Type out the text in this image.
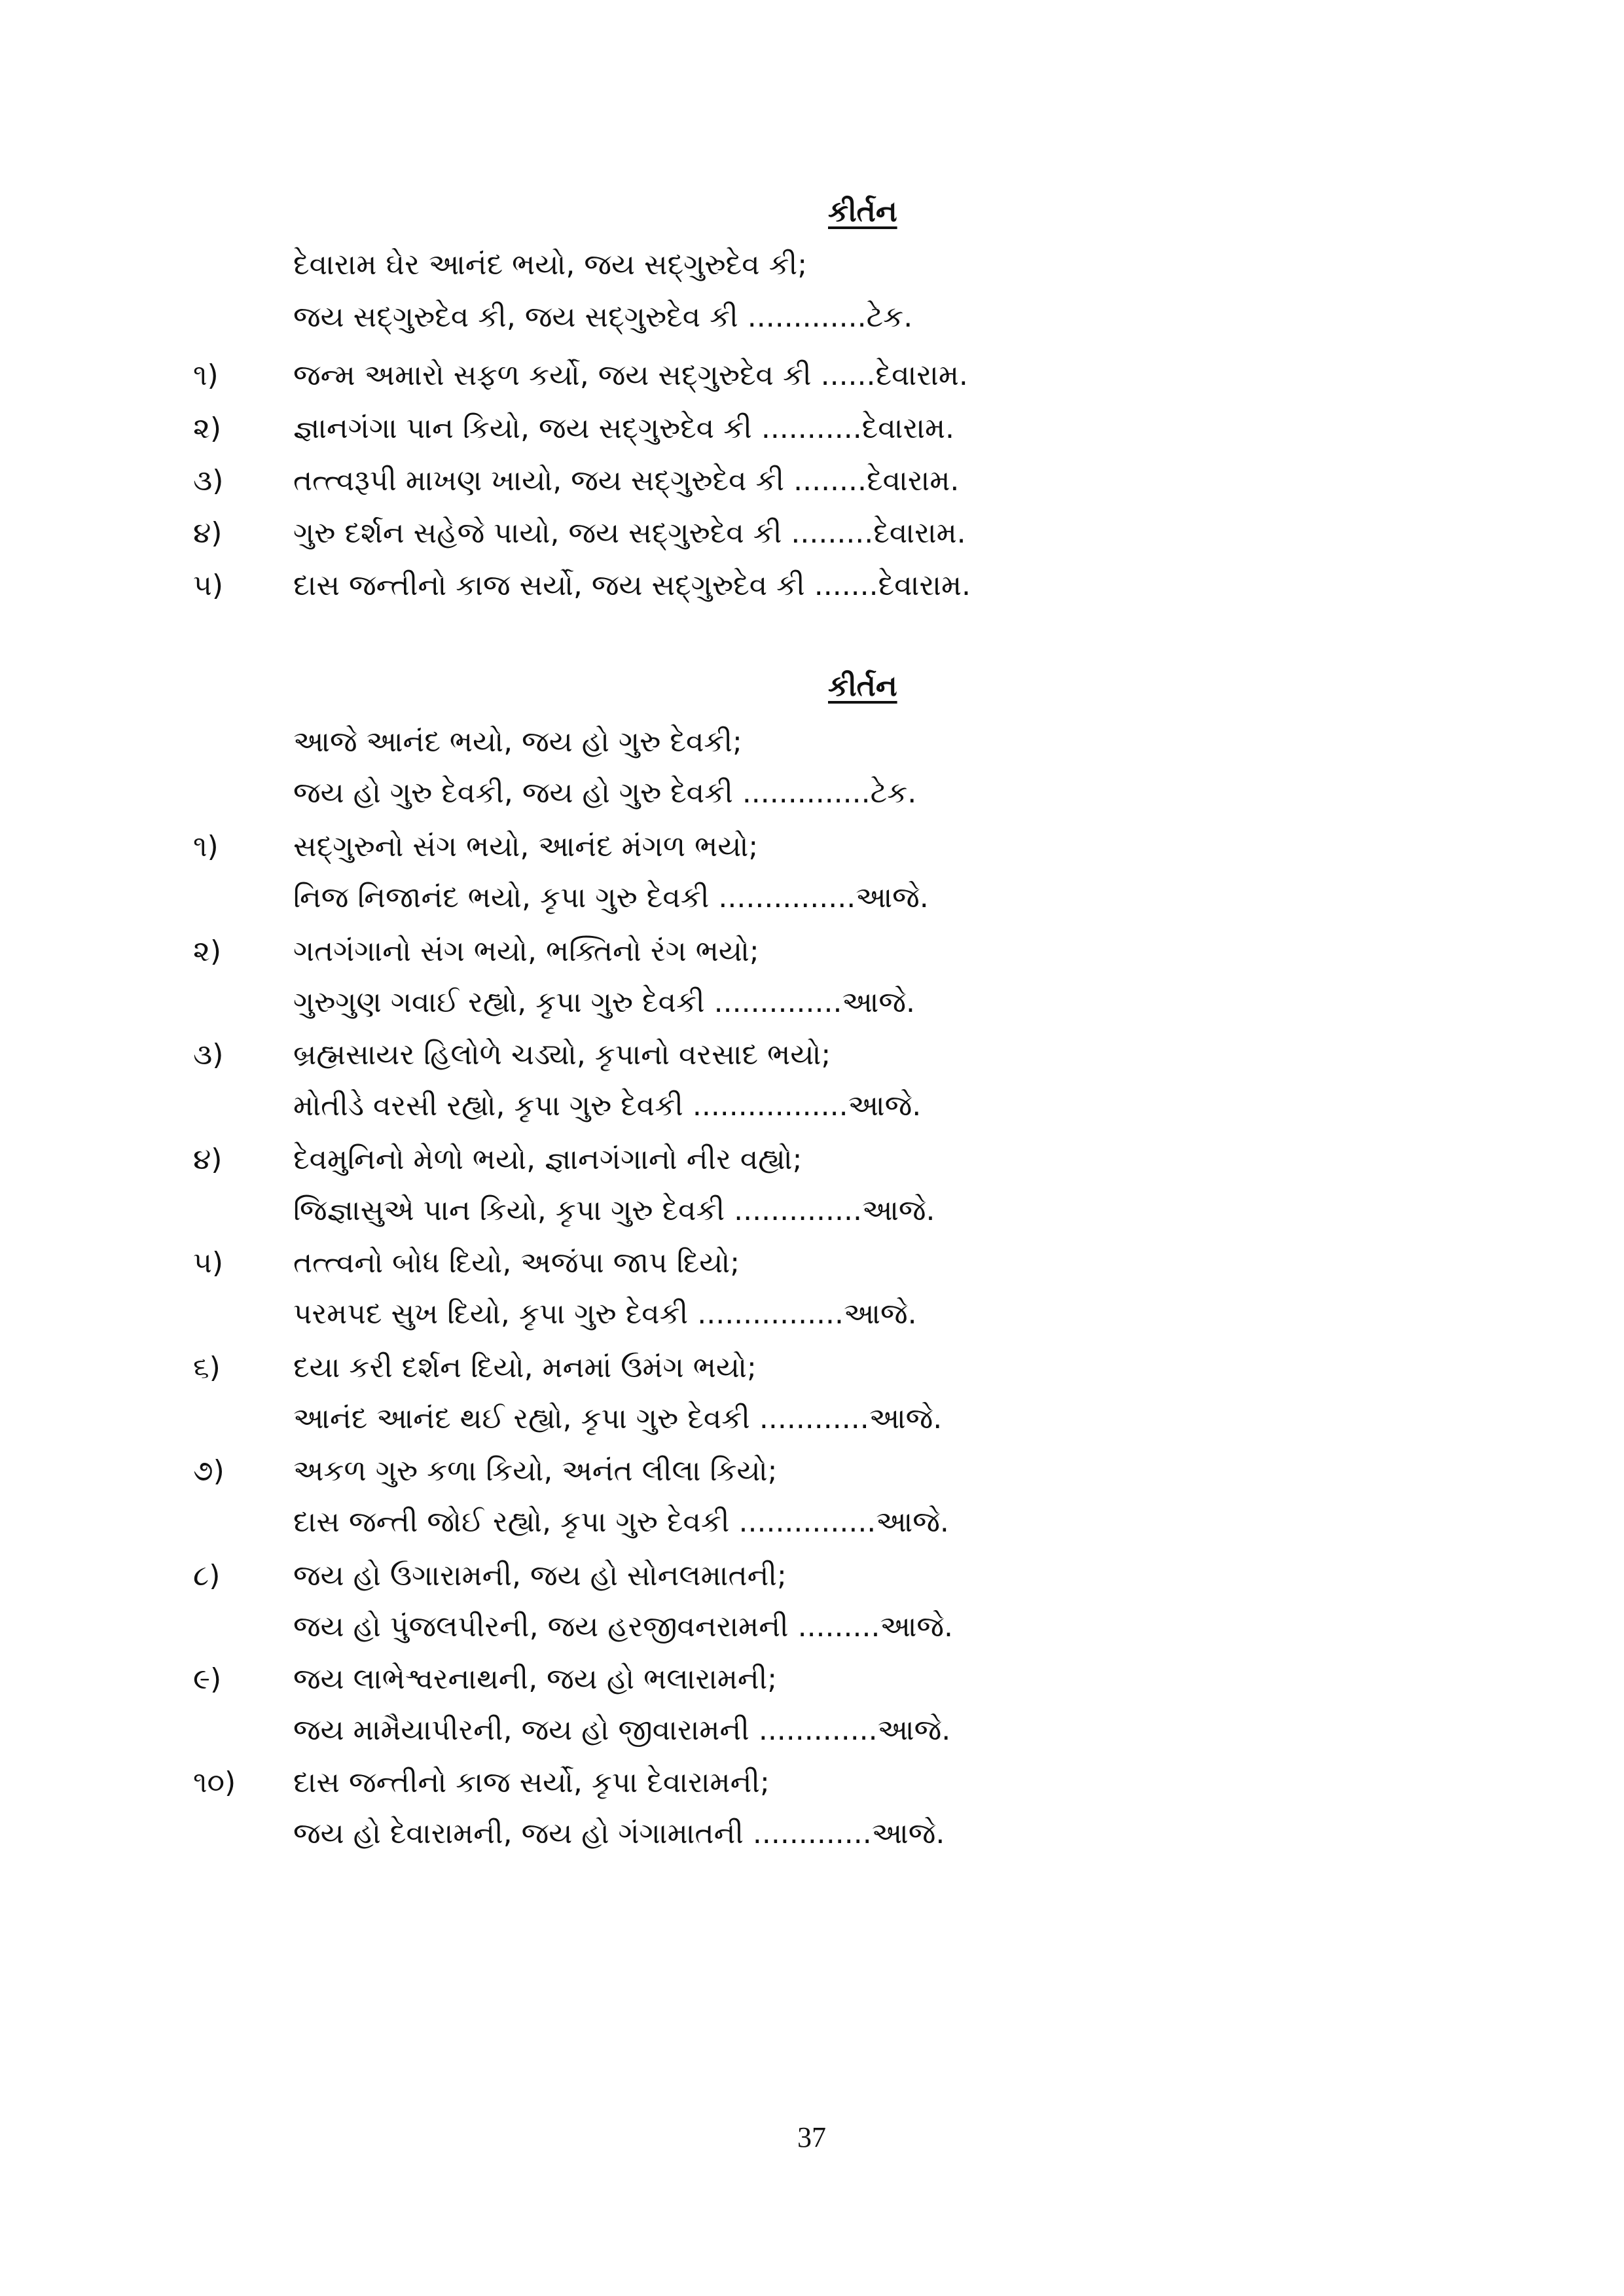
કીર્તન
દેવારામ ઘેર આનંદ ભયો, જય સદ્ગુરુદેવ કી;
જય સદ્ગુરુદેવ કી, જય સદ્ગુરુદેવ કી .............ટેક.
૧)	જન્મ અમારો સફળ કર્યો, જય સદ્ગુરુદેવ કી ......દેવારામ.
૨)	જ્ઞાનગંગા પાન કિયો, જય સદ્ગુરુદેવ કી ...........દેવારામ.
૩) તત્ત્વરૂપી માખણ ખાયો, જય સદ્ગુરુદેવ કી ........દેવારામ.
૪) ગુરુ દર્શન સહેજે પાયો, જય સદ્ગુરુદેવ કી .........દેવારામ.
૫) દાસ જન્તીનો કાજ સર્યો, જય સદ્ગુરુદેવ કી .......દેવારામ.
કીર્તન
આજે આનંદ ભયો, જય હો ગુરુ દેવકી;
જય હો ગુરુ દેવકી, જય હો ગુરુ દેવકી ..............ટેક.
૧)	સદ્ગુરુનો સંગ ભયો, આનંદ મંગળ ભયો;
નિજ નિજાનંદ ભયો, કૃપા ગુરુ દેવકી ...............આજે.
૨)	ગતગંગાનો સંગ ભયો, ભક્તિનો રંગ ભયો;
ગુરુગુણ ગવાઈ રહ્યો, કૃપા ગુરુ દેવકી ..............આજે.
૩) બ્રહ્મસાયર હિલોળે ચડ્યો, કૃપાનો વરસાદ ભયો;
મોતીડે વરસી રહ્યો, કૃપા ગુરુ દેવકી .................આજે.
૪) દેવમુનિનો મેળો ભયો, જ્ઞાનગંગાનો નીર વહ્યો;
જિજ્ઞાસુએ પાન કિયો, કૃપા ગુરુ દેવકી ..............આજે.
૫) તત્ત્વનો બોધ દિયો, અજંપા જાપ દિયો;
પરમપદ સુખ દિયો, કૃપા ગુરુ દેવકી ................આજે.
૬)	દયા કરી દર્શન દિયો, મનમાં ઉમંગ ભયો;
આનંદ આનંદ થઈ રહ્યો, કૃપા ગુરુ દેવકી ............આજે.
૭) અકળ ગુરુ કળા કિયો, અનંત લીલા કિયો;
દાસ જન્તી જોઈ રહ્યો, કૃપા ગુરુ દેવકી ...............આજે.
૮)	જય હો ઉગારામની, જય હો સોનલમાતની;
જય હો પુંજલપીરની, જય હરજીવનરામની .........આજે.
૯) જય લાભેશ્વરનાથની, જય હો ભલારામની;
જય મામૈયાપીરની, જય હો જીવારામની .............આજે.
૧૦) દાસ જન્તીનો કાજ સર્યો, કૃપા દેવારામની;
જય હો દેવારામની, જય હો ગંગામાતની .............આજે.
37
